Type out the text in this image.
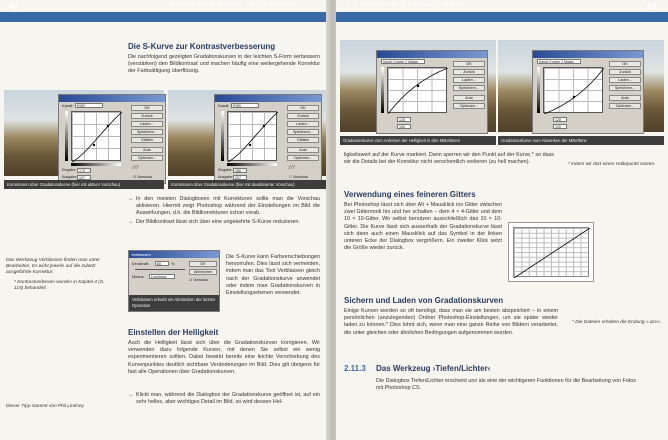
48	2 Digitale Dunkelkammer – die Grundlagen
Die S-Kurve zur Kontrastverbesserung
Die nachfolgend gezeigten Gradationskurven in der leichten S-Form verbessern (verstärken) den Bildkontrast und machen häufig eine weitergehende Korrektur der Farbsättigung überflüssig.
Kanal: RGB
Eingabe: 170
Ausgabe: 197
OK
Zurück
Laden...
Speichern...
Glätten
Auto
Optionen...
⁄ ⁄ ⁄
☑ Vorschau
Korrekturen über Gradationskurve (hier mit aktiver Vorschau)
Kanal: RGB
Eingabe: 186
Ausgabe: 207
OK
Zurück
Laden...
Speichern...
Glätten
Auto
Optionen...
⁄ ⁄ ⁄
☐ Vorschau
Korrekturen über Gradationskurve (hier mit deaktivierter Vorschau)
→ In den meisten Dialogboxen mit Korrekturen sollte man die Vorschau aktivieren. Hiermit zeigt Photoshop während der Einstellungen im Bild die Auswirkungen, d.h. die Bildkorrekturen schon vorab.
→ Der Bildkontrast lässt sich über eine ungekehrte S-Kurve reduzieren.
Das Werkzeug Verblassen finden man unter Bearbeiten. Es wirkt jeweils auf die zuletzt ausgeführte Korrektur.
* Kontrastverbesen wurden in Kapitel 4 (S. 115) behandelt.
Verblassen
Deckkraft: 68	%
Modus: Luminanz
OK
Abbrechen
☑ Vorschau
Verblassen erlaubt ein Abmindern der letzten Operation
Die S-Kurve kann Farbverschiebungen hervorrufen. Dies lässt sich vermeiden, indem man das Tool Verblassen gleich nach der Gradationskurve anwendet oder indem man Gradationskurven in Einstellungsebenen verwendet.
Einstellen der Helligkeit
Auch die Helligkeit lässt sich über die Gradationskurven korrigieren. Wir verwenden dazu folgende Kurven, mit denen Sie selbst ein wenig experimentieren sollten. Dabei bewirkt bereits eine leichte Verschiebung des Kurvenpunktes deutlich sichtbare Veränderungen im Bild. Dies gilt übrigens für fast alle Operationen über Gradationskurven.
→ Klickt man, während die Dialogbox der Gradationskurve geöffnet ist, auf ein sehr helles, aber wichtiges Detail im Bild, so wird dessen Hel-
Dieser Tipp stammt von Phil Lindsey.
2.11 Tonwertumfang, Kontrast, Helligkeit	49
Kanal: Kurven 2 Maske
128
150
OK
Zurück
Laden...
Speichern...
Auto
Optionen...
Gradationskurve zum Anheben der Helligkeit in den Mitteltönen
Kanal: Kurven 2 Maske
128
100
OK
Zurück
Laden...
Speichern...
Auto
Optionen...
Gradationskurve zum Absenken der Mitteltöne
ligkeitswert auf der Kurve markiert. Dann sperren wir den Punkt auf der Kurve,* so dass wir die Details bei der Korrektur nicht verschentlich verlieren (zu hell machen).	* indem wir dort einen Haltepunkt setzen.
Verwendung eines feineren Gitters
Bei Photoshop lässt sich über Alt + Mausklick ins Gitter zwischen zwei Gittermodi hin und her schalten – dem 4 × 4-Gitter und dem 10 × 10-Gitter. Wir selbst benutzen ausschließlich das 10 × 10-Gitter. Die Kurve lässt sich ausserhalb der Gradationskurve lässt sich dann auch einen Mausklick auf das Symbol in der linken unteren Ecke der Dialogbox vergrößern. Ein zweiter Klick setzt die Größe wieder zurück.
Sichern und Laden von Gradationskurven
Einige Kurven werden so oft benötigt, dass man sie am besten abspeichert – in einem persönlichen (anzulegenden) Ordner Photoshop-Einstellungen, um sie später wieder laden zu können.* Dies lohnt sich, wenn man eine ganze Reihe von Bildern verarbeitet, die unter gleichen oder ähnlichen Bedingungen aufgenommen wurden.
* Die Dateien erhalten die Endung ».acv«.
2.11.3 Das Werkzeug ›Tiefen/Lichter‹
Die Dialogbox Tiefen/Lichter erscheint uns als eine der wichtigeren Funktionen für die Bearbeitung von Fotos mit Photoshop CS.
